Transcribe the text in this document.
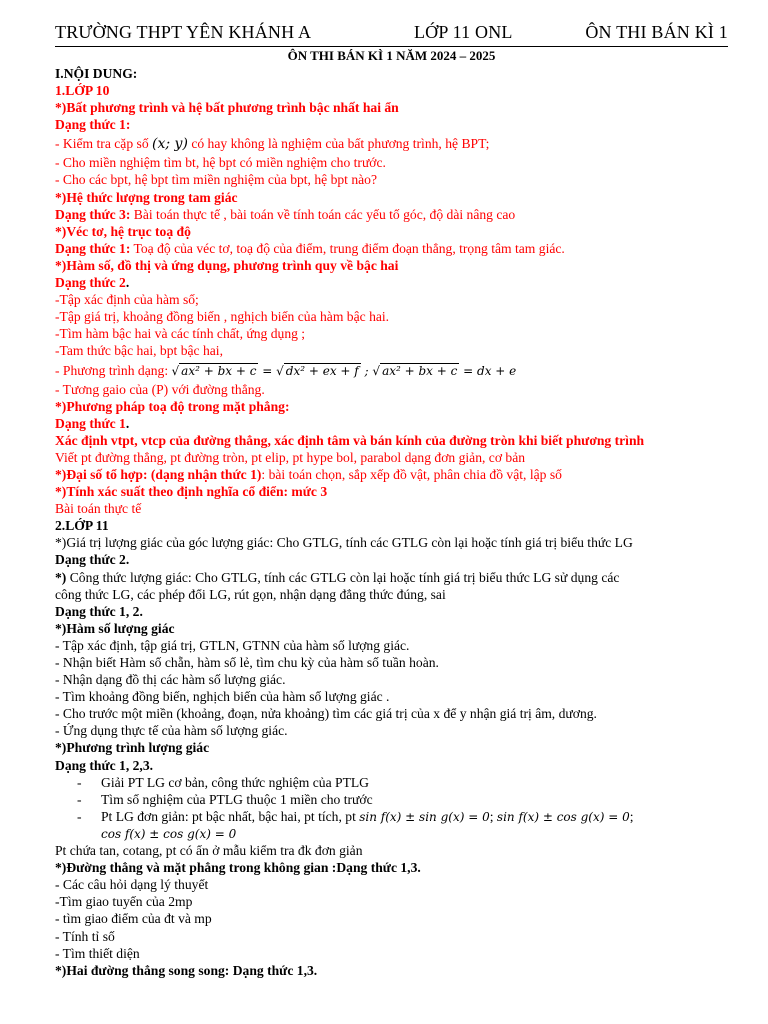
TRƯỜNG THPT YÊN KHÁNH A	LỚP 11 ONL	ÔN THI BÁN KÌ 1
ÔN THI BÁN KÌ 1 NĂM 2024 – 2025
I.NỘI DUNG:
1.LỚP 10
*)Bất phương trình và hệ bất phương trình bậc nhất hai ẩn
Dạng thức 1:
- Kiểm tra cặp số (x; y) có hay không là nghiệm của bất phương trình, hệ BPT;
- Cho miền nghiệm tìm bt, hệ bpt có miền nghiệm cho trước.
- Cho các bpt, hệ bpt tìm miền nghiệm của bpt, hệ bpt nào?
*)Hệ thức lượng trong tam giác
Dạng thức 3: Bài toán thực tế , bài toán về tính toán các yếu tố góc, độ dài nâng cao
*)Véc tơ, hệ trục toạ độ
Dạng thức 1: Toạ độ của véc tơ, toạ độ của điểm, trung điểm đoạn thẳng, trọng tâm tam giác.
*)Hàm số, đồ thị và ứng dụng, phương trình quy về bậc hai
Dạng thức 2.
-Tập xác định của hàm số;
-Tập giá trị, khoảng đồng biến , nghịch biến của hàm bậc hai.
-Tìm hàm bậc hai và các tính chất, ứng dụng ;
-Tam thức bậc hai, bpt bậc hai,
- Phương trình dạng: √ ax² + bx + c = √ dx² + ex + f ; √ ax² + bx + c = dx + e
- Tương gaio của (P) với đường thẳng.
*)Phương pháp toạ độ trong mặt phẳng:
Dạng thức 1.
Xác định vtpt, vtcp của đường thẳng, xác định tâm và bán kính của đường tròn khi biết phương trình
Viết pt đường thẳng, pt đường tròn, pt elip, pt hype bol, parabol dạng đơn giản, cơ bản
*)Đại số tổ hợp: (dạng nhận thức 1): bài toán chọn, sắp xếp đồ vật, phân chia đồ vật, lập số
*)Tính xác suất theo định nghĩa cổ điển: mức 3
Bài toán thực tế
2.LỚP 11
*)Giá trị lượng giác của góc lượng giác: Cho GTLG, tính các GTLG còn lại hoặc tính giá trị biểu thức LG
Dạng thức 2.
*) Công thức lượng giác: Cho GTLG, tính các GTLG còn lại hoặc tính giá trị biểu thức LG sử dụng các
công thức LG, các phép đổi LG, rút gọn, nhận dạng đẳng thức đúng, sai
Dạng thức 1, 2.
*)Hàm số lượng giác
- Tập xác định, tập giá trị, GTLN, GTNN của hàm số lượng giác.
- Nhận biết Hàm số chẵn, hàm số lẻ, tìm chu kỳ của hàm số tuần hoàn.
- Nhận dạng đồ thị các hàm số lượng giác.
- Tìm khoảng đồng biến, nghịch biến của hàm số lượng giác .
- Cho trước một miền (khoảng, đoạn, nửa khoảng) tìm các giá trị của x để y nhận giá trị âm, dương.
- Ứng dụng thực tế của hàm số lượng giác.
*)Phương trình lượng giác
Dạng thức 1, 2,3.
- Giải PT LG cơ bản, công thức nghiệm của PTLG
- Tìm số nghiệm của PTLG thuộc 1 miền cho trước
- Pt LG đơn giản: pt bậc nhất, bậc hai, pt tích, pt sin f(x) ± sin g(x) = 0; sin f(x) ± cos g(x) = 0;
cos f(x) ± cos g(x) = 0
Pt chứa tan, cotang, pt có ẩn ở mẫu kiểm tra đk đơn giản
*)Đường thẳng và mặt phẳng trong không gian :Dạng thức 1,3.
- Các câu hỏi dạng lý thuyết
-Tìm giao tuyến của 2mp
- tìm giao điểm của đt và mp
- Tính tỉ số
- Tìm thiết diện
*)Hai đường thẳng song song: Dạng thức 1,3.
